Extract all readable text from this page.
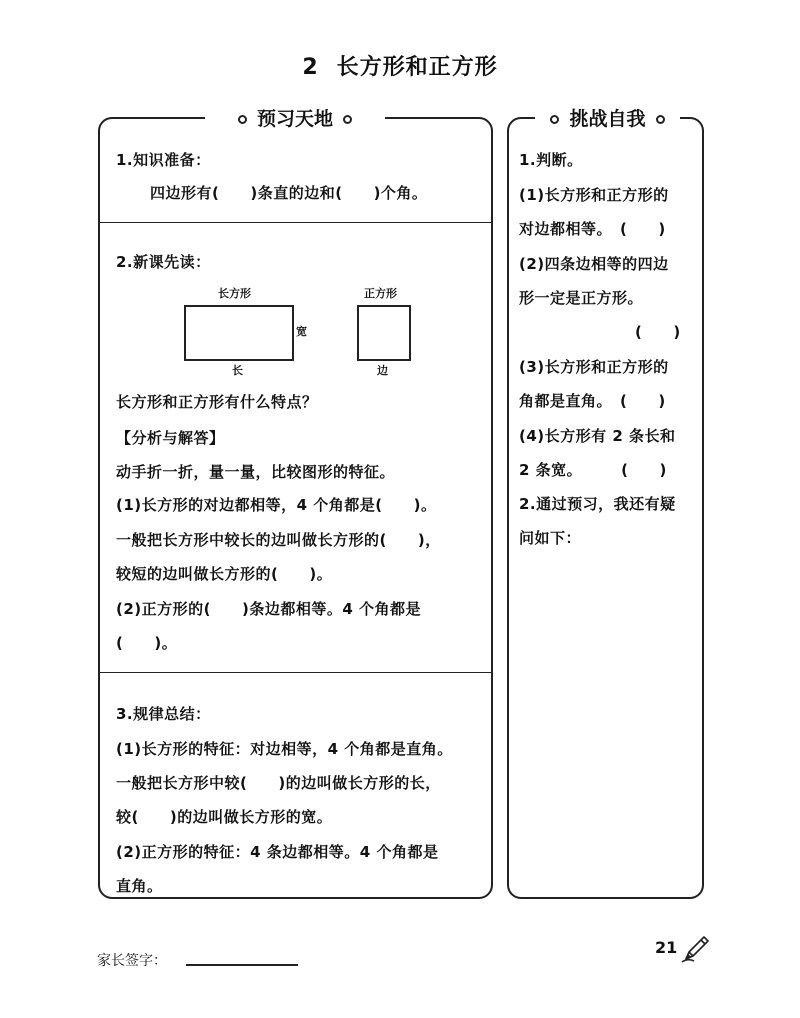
2 长方形和正方形
预习天地
1.知识准备：
四边形有(　　)条直的边和(　　)个角。
2.新课先读：
长方形
宽
长
正方形
边
长方形和正方形有什么特点？
【分析与解答】
动手折一折，量一量，比较图形的特征。
(1)长方形的对边都相等，4 个角都是(　　)。
一般把长方形中较长的边叫做长方形的(　　)，
较短的边叫做长方形的(　　)。
(2)正方形的(　　)条边都相等。4 个角都是
(　　)。
3.规律总结：
(1)长方形的特征：对边相等，4 个角都是直角。
一般把长方形中较(　　)的边叫做长方形的长，
较(　　)的边叫做长方形的宽。
(2)正方形的特征：4 条边都相等。4 个角都是
直角。
挑战自我
1.判断。
(1)长方形和正方形的
对边都相等。　(　　)
(2)四条边相等的四边
形一定是正方形。
(　　)
(3)长方形和正方形的
角都是直角。　(　　)
(4)长方形有 2 条长和
2 条宽。　　　(　　)
2.通过预习，我还有疑
问如下：
家长签字：
21
